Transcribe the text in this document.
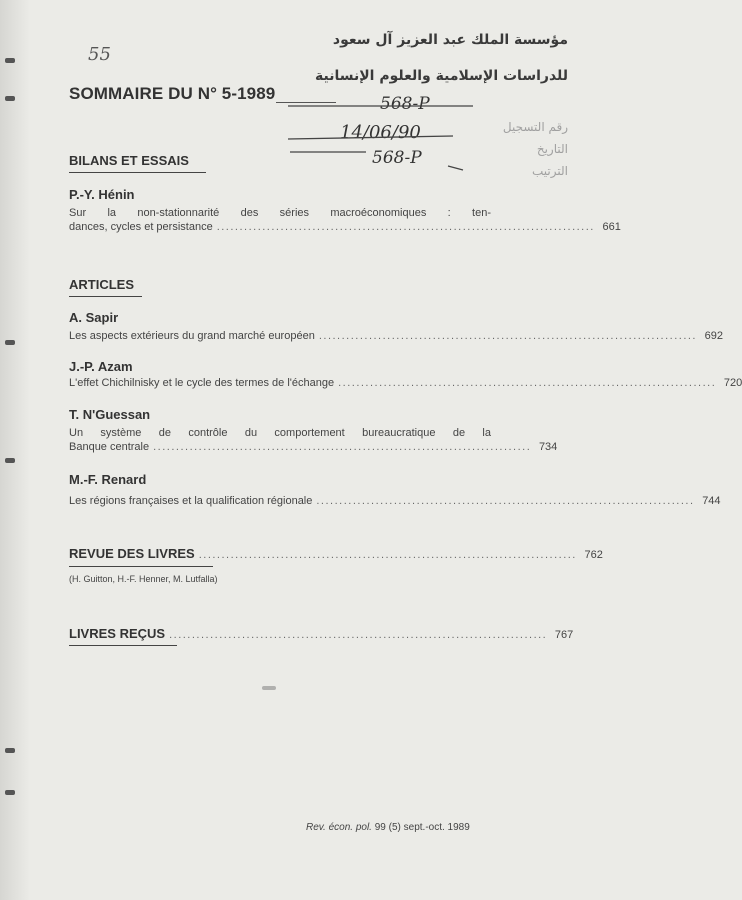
55
SOMMAIRE DU N° 5-1989
مؤسسة الملك عبد العزيز آل سعود
للدراسات الإسلامية والعلوم الإنسانية
رقم التسجيل
التاريخ
الترتيب
568-P
14/06/90
568-P
BILANS ET ESSAIS
P.-Y. Hénin
Sur la non-stationnarité des séries macroéconomiques : ten-
dances, cycles et persistance ................................................................................... 661
ARTICLES
A. Sapir
Les aspects extérieurs du grand marché européen ................................................................................... 692
J.-P. Azam
L'effet Chichilnisky et le cycle des termes de l'échange ................................................................................... 720
T. N'Guessan
Un système de contrôle du comportement bureaucratique de la
Banque centrale ................................................................................... 734
M.-F. Renard
Les régions françaises et la qualification régionale ................................................................................... 744
REVUE DES LIVRES ................................................................................... 762
(H. Guitton, H.-F. Henner, M. Lutfalla)
LIVRES REÇUS ................................................................................... 767
Rev. écon. pol. 99 (5) sept.-oct. 1989
